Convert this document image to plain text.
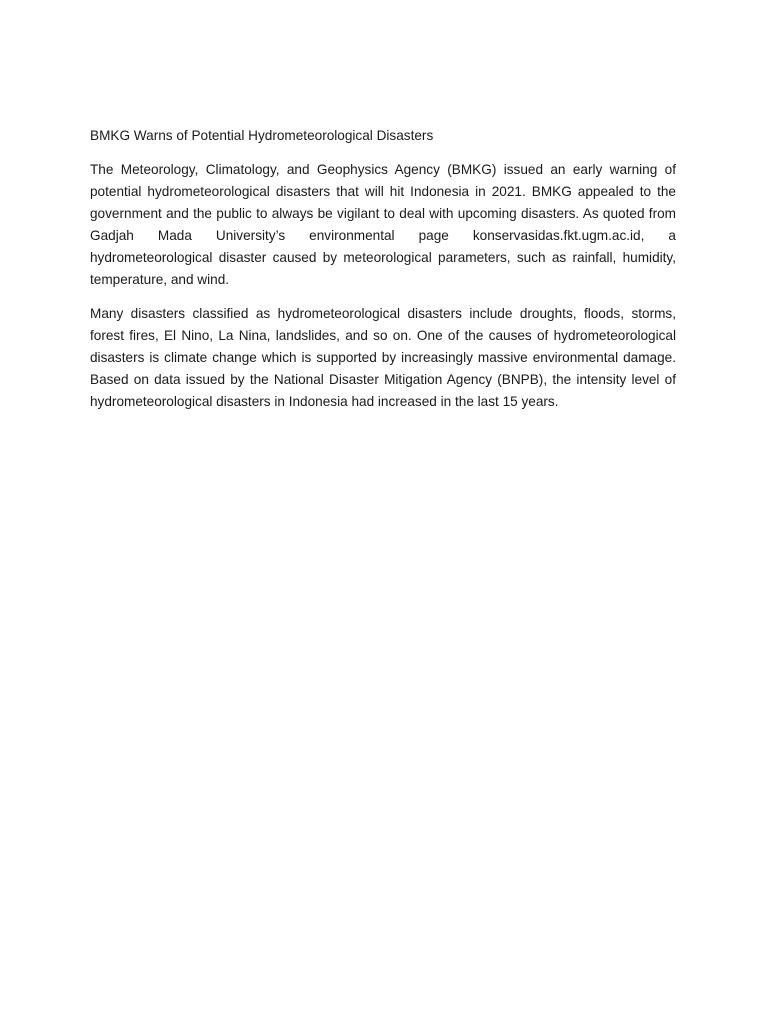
BMKG Warns of Potential Hydrometeorological Disasters

The Meteorology, Climatology, and Geophysics Agency (BMKG) issued an early warning of potential hydrometeorological disasters that will hit Indonesia in 2021. BMKG appealed to the government and the public to always be vigilant to deal with upcoming disasters. As quoted from Gadjah Mada University’s environmental page konservasidas.fkt.ugm.ac.id, a hydrometeorological disaster caused by meteorological parameters, such as rainfall, humidity, temperature, and wind.

Many disasters classified as hydrometeorological disasters include droughts, floods, storms, forest fires, El Nino, La Nina, landslides, and so on. One of the causes of hydrometeorological disasters is climate change which is supported by increasingly massive environmental damage. Based on data issued by the National Disaster Mitigation Agency (BNPB), the intensity level of hydrometeorological disasters in Indonesia had increased in the last 15 years.
